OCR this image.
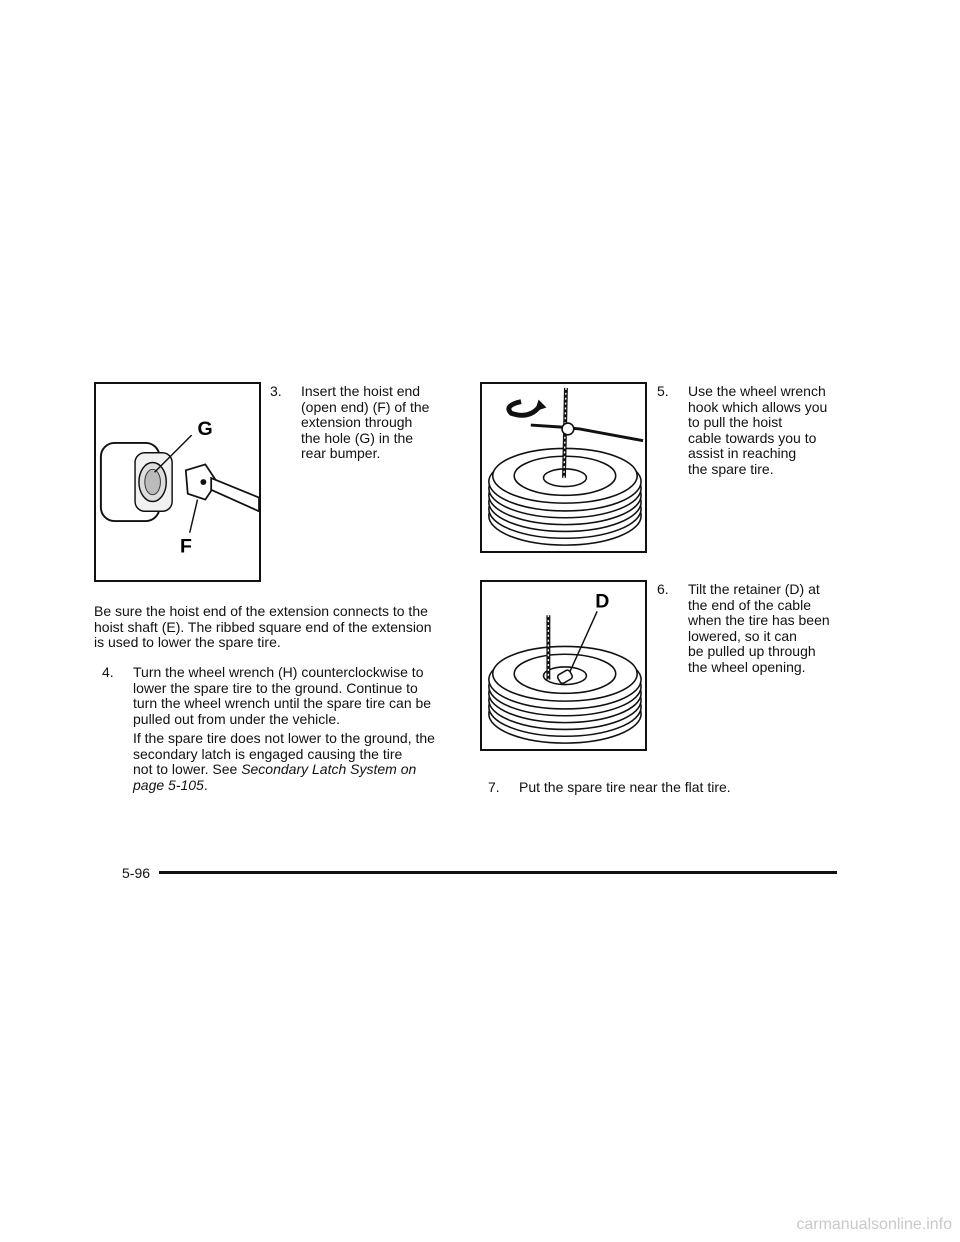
G
F
3. Insert the hoist end
(open end) (F) of the
extension through
the hole (G) in the
rear bumper.
5. Use the wheel wrench
hook which allows you
to pull the hoist
cable towards you to
assist in reaching
the spare tire.
D
6. Tilt the retainer (D) at
the end of the cable
when the tire has been
lowered, so it can
be pulled up through
the wheel opening.
Be sure the hoist end of the extension connects to the
hoist shaft (E). The ribbed square end of the extension
is used to lower the spare tire.
4. Turn the wheel wrench (H) counterclockwise to
lower the spare tire to the ground. Continue to
turn the wheel wrench until the spare tire can be
pulled out from under the vehicle.
If the spare tire does not lower to the ground, the
secondary latch is engaged causing the tire
not to lower. See Secondary Latch System on
page 5-105.	7. Put the spare tire near the flat tire.
5-96
carmanualsonline.info
